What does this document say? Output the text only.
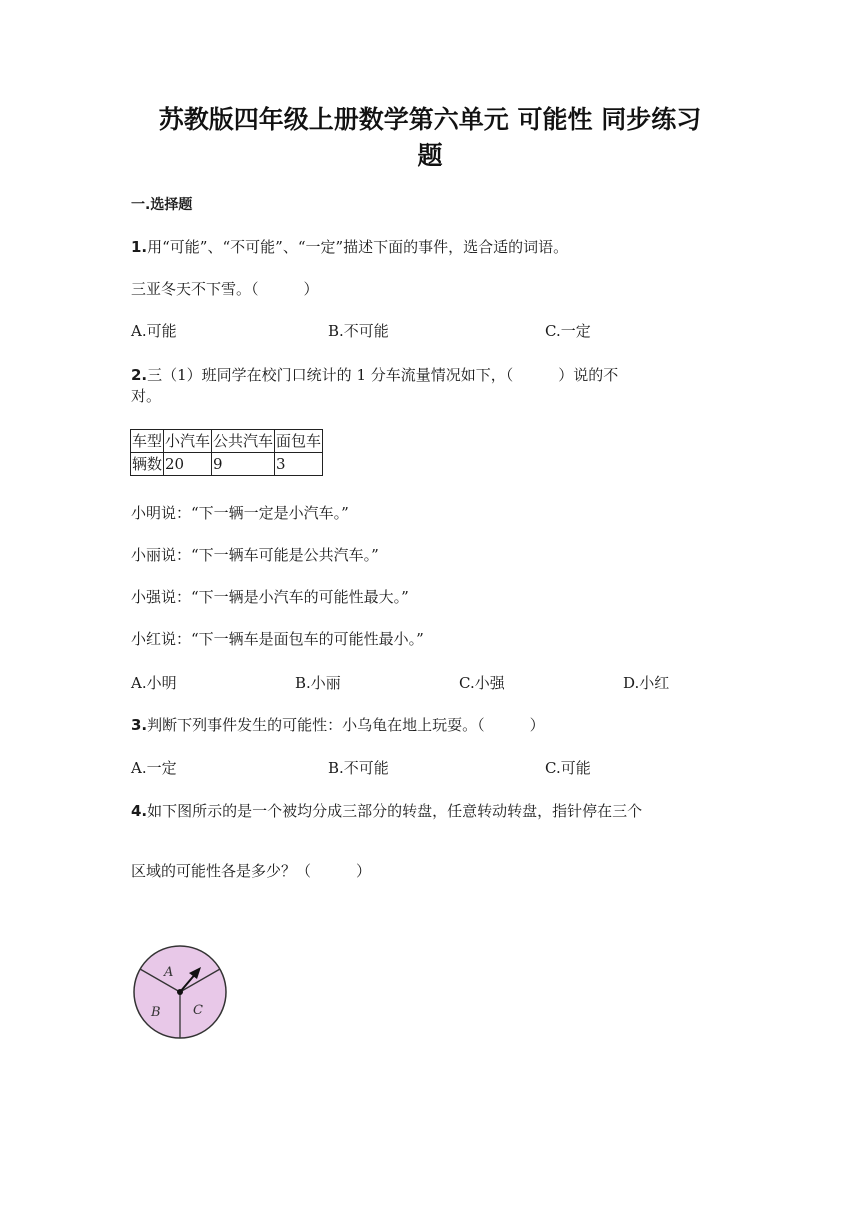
苏教版四年级上册数学第六单元 可能性 同步练习
题
一.选择题
1.用“可能”、“不可能”、“一定”描述下面的事件，选合适的词语。
三亚冬天不下雪。（　　　）
A.可能	B.不可能	C.一定
2.三（1）班同学在校门口统计的 1 分车流量情况如下，（　　　）说的不
对。
车型	小汽车	公共汽车	面包车
辆数	20	9	3
小明说：“下一辆一定是小汽车。”
小丽说：“下一辆车可能是公共汽车。”
小强说：“下一辆是小汽车的可能性最大。”
小红说：“下一辆车是面包车的可能性最小。”
A.小明	B.小丽	C.小强	D.小红
3.判断下列事件发生的可能性：小乌龟在地上玩耍。（　　　）
A.一定	B.不可能	C.可能
4.如下图所示的是一个被均分成三部分的转盘，任意转动转盘，指针停在三个
区域的可能性各是多少？（　　　）
A
B C
